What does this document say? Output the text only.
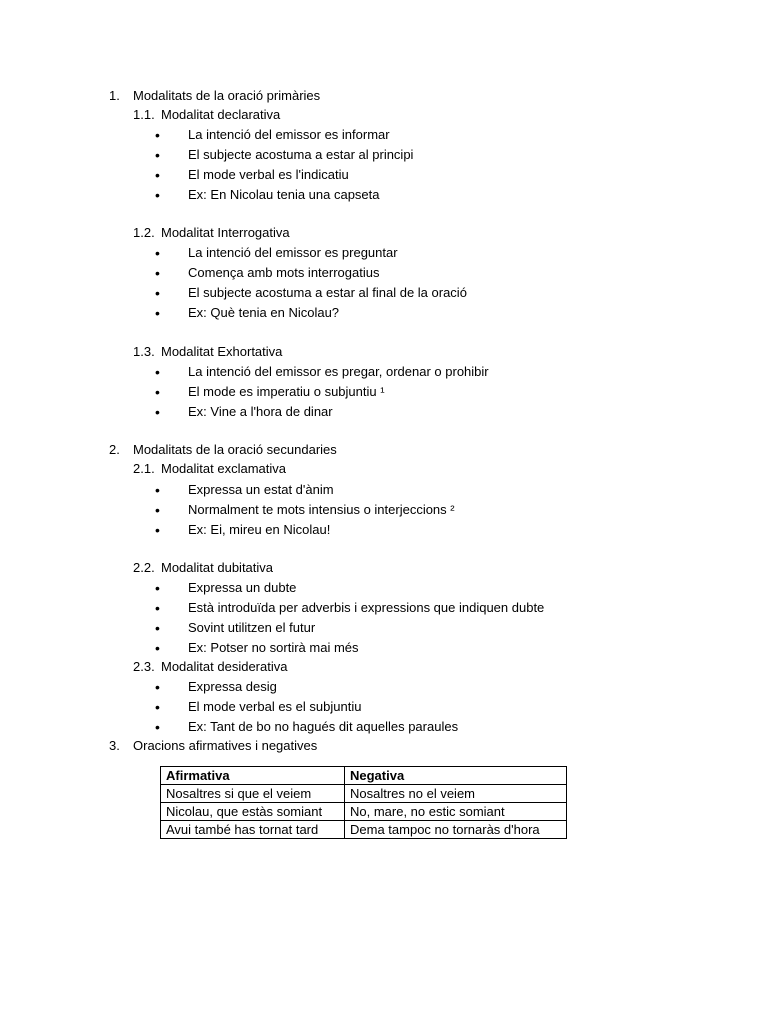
1. Modalitats de la oració primàries
1.1. Modalitat declarativa
• La intenció del emissor es informar
• El subjecte acostuma a estar al principi
• El mode verbal es l'indicatiu
• Ex: En Nicolau tenia una capseta
1.2. Modalitat Interrogativa
• La intenció del emissor es preguntar
• Comença amb mots interrogatius
• El subjecte acostuma a estar al final de la oració
• Ex: Què tenia en Nicolau?
1.3. Modalitat Exhortativa
• La intenció del emissor es pregar, ordenar o prohibir
• El mode es imperatiu o subjuntiu ¹
• Ex: Vine a l'hora de dinar
2. Modalitats de la oració secundaries
2.1. Modalitat exclamativa
• Expressa un estat d'ànim
• Normalment te mots intensius o interjeccions ²
• Ex: Ei, mireu en Nicolau!
2.2. Modalitat dubitativa
• Expressa un dubte
• Està introduïda per adverbis i expressions que indiquen dubte
• Sovint utilitzen el futur
• Ex: Potser no sortirà mai més
2.3. Modalitat desiderativa
• Expressa desig
• El mode verbal es el subjuntiu
• Ex: Tant de bo no hagués dit aquelles paraules
3. Oracions afirmatives i negatives
Afirmativa	Negativa
Nosaltres si que el veiem	Nosaltres no el veiem
Nicolau, que estàs somiant	No, mare, no estic somiant
Avui també has tornat tard	Dema tampoc no tornaràs d'hora
